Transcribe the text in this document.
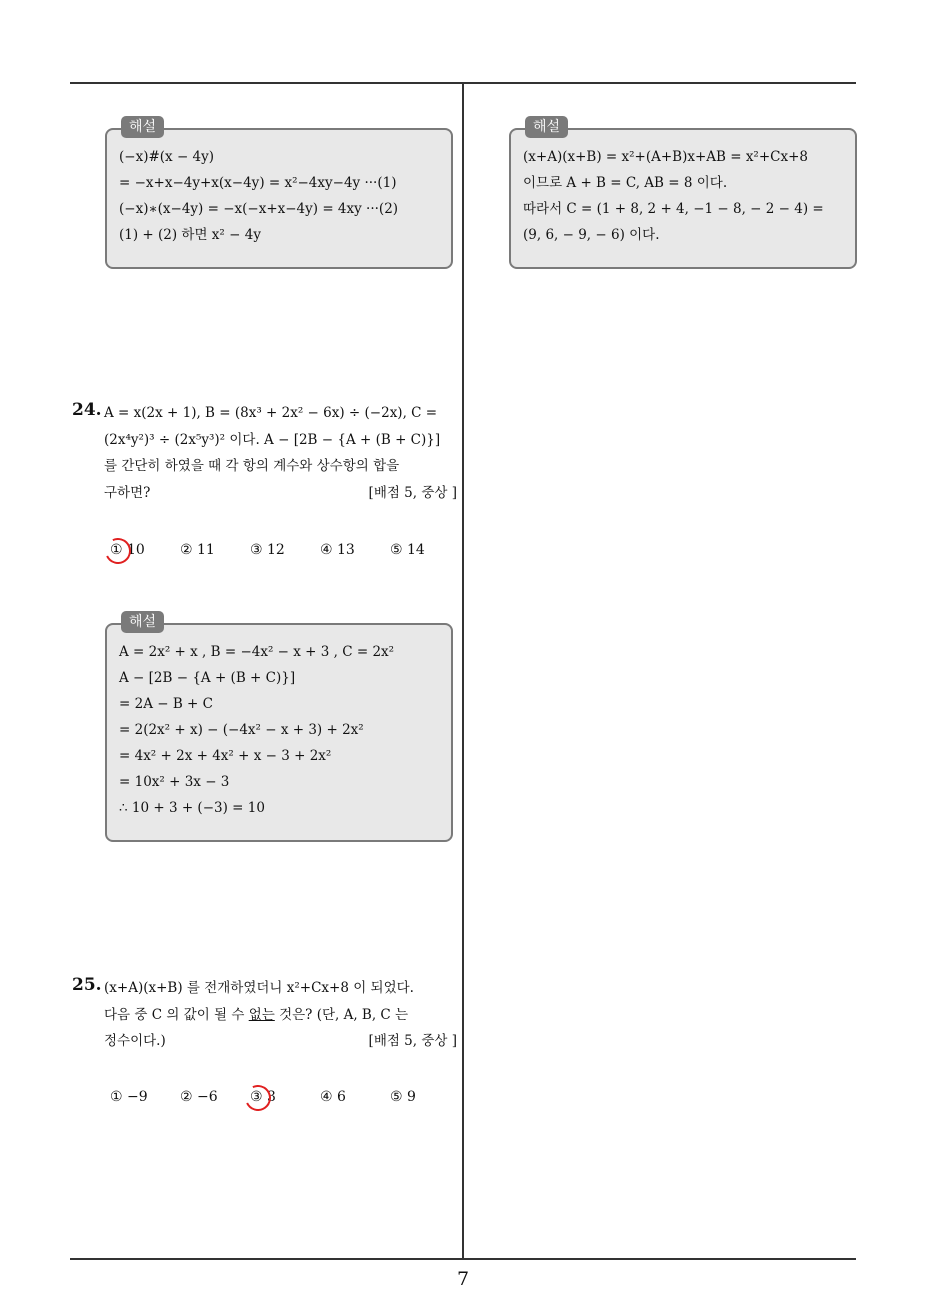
해설
(−x)#(x − 4y)
= −x+x−4y+x(x−4y) = x²−4xy−4y ···(1)
(−x)∗(x−4y) = −x(−x+x−4y) = 4xy ···(2)
(1) + (2) 하면 x² − 4y
해설
(x+A)(x+B) = x²+(A+B)x+AB = x²+Cx+8
이므로 A + B = C, AB = 8 이다.
따라서 C = (1 + 8, 2 + 4, −1 − 8, − 2 − 4) =
(9, 6, − 9, − 6) 이다.
24. A = x(2x + 1), B = (8x³ + 2x² − 6x) ÷ (−2x), C =
(2x⁴y²)³ ÷ (2x⁵y³)² 이다. A − [2B − {A + (B + C)}]
를 간단히 하였을 때 각 항의 계수와 상수항의 합을
구하면?	[배점 5, 중상 ]
① 10	② 11	③ 12	④ 13	⑤ 14
해설
A = 2x² + x , B = −4x² − x + 3 , C = 2x²
A − [2B − {A + (B + C)}]
= 2A − B + C
= 2(2x² + x) − (−4x² − x + 3) + 2x²
= 4x² + 2x + 4x² + x − 3 + 2x²
= 10x² + 3x − 3
∴ 10 + 3 + (−3) = 10
25. (x+A)(x+B) 를 전개하였더니 x²+Cx+8 이 되었다.
다음 중 C 의 값이 될 수 없는 것은? (단, A, B, C 는
정수이다.)	[배점 5, 중상 ]
① −9	② −6	③ 3	④ 6	⑤ 9
7
